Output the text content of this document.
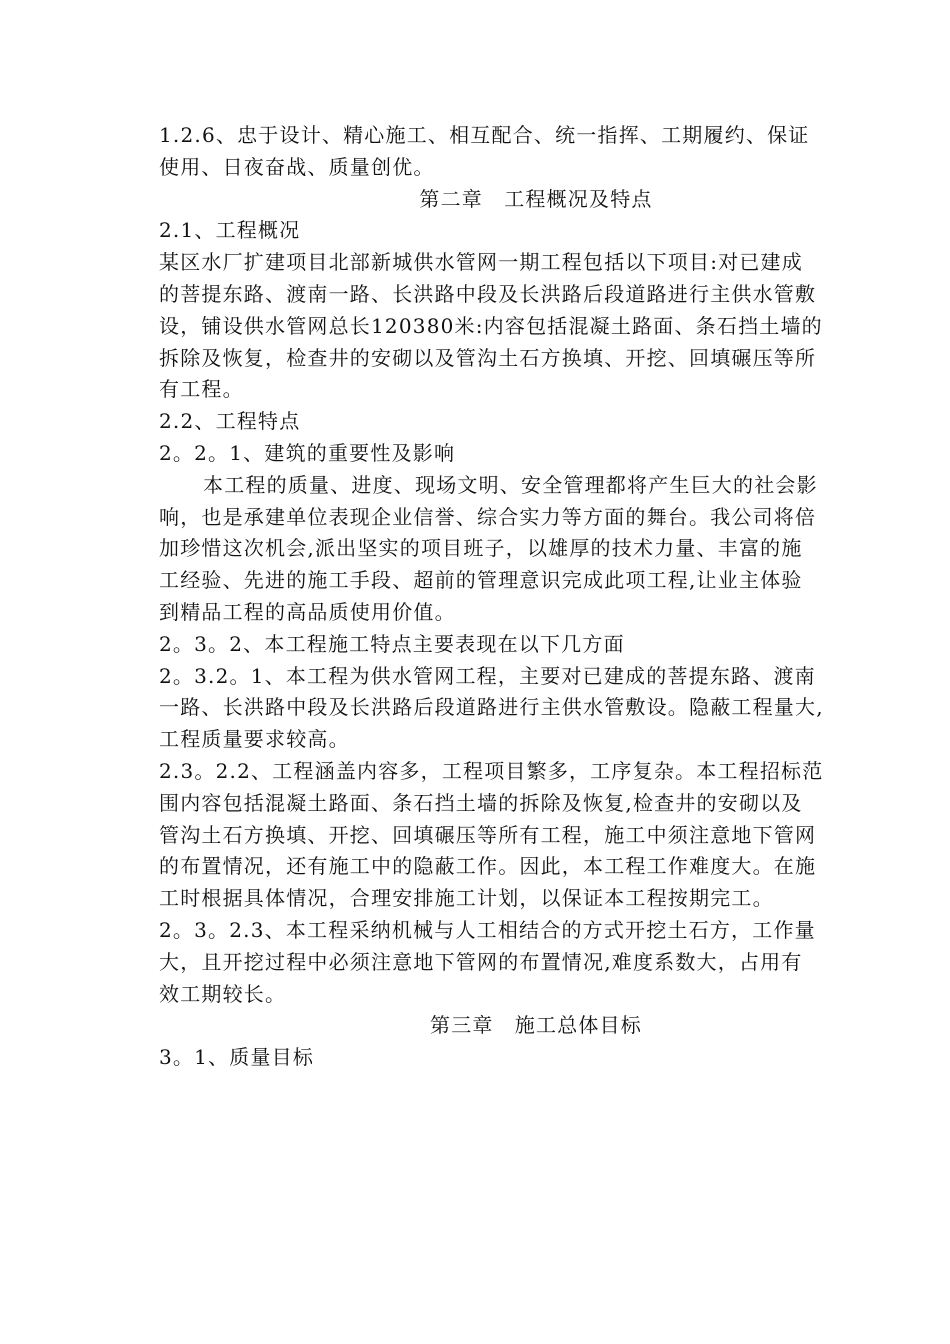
1.2.6、忠于设计、精心施工、相互配合、统一指挥、工期履约、保证
使用、日夜奋战、质量创优。
第二章　工程概况及特点
2.1、工程概况
某区水厂扩建项目北部新城供水管网一期工程包括以下项目:对已建成
的菩提东路、渡南一路、长洪路中段及长洪路后段道路进行主供水管敷
设，铺设供水管网总长120380米:内容包括混凝土路面、条石挡土墙的
拆除及恢复，检查井的安砌以及管沟土石方换填、开挖、回填碾压等所
有工程。
2.2、工程特点
2。2。1、建筑的重要性及影响
本工程的质量、进度、现场文明、安全管理都将产生巨大的社会影
响，也是承建单位表现企业信誉、综合实力等方面的舞台。我公司将倍
加珍惜这次机会,派出坚实的项目班子，以雄厚的技术力量、丰富的施
工经验、先进的施工手段、超前的管理意识完成此项工程,让业主体验
到精品工程的高品质使用价值。
2。3。2、本工程施工特点主要表现在以下几方面
2。3.2。1、本工程为供水管网工程，主要对已建成的菩提东路、渡南
一路、长洪路中段及长洪路后段道路进行主供水管敷设。隐蔽工程量大,
工程质量要求较高。
2.3。2.2、工程涵盖内容多，工程项目繁多，工序复杂。本工程招标范
围内容包括混凝土路面、条石挡土墙的拆除及恢复,检查井的安砌以及
管沟土石方换填、开挖、回填碾压等所有工程，施工中须注意地下管网
的布置情况，还有施工中的隐蔽工作。因此，本工程工作难度大。在施
工时根据具体情况，合理安排施工计划，以保证本工程按期完工。
2。3。2.3、本工程采纳机械与人工相结合的方式开挖土石方，工作量
大，且开挖过程中必须注意地下管网的布置情况,难度系数大，占用有
效工期较长。
第三章　施工总体目标
3。1、质量目标
